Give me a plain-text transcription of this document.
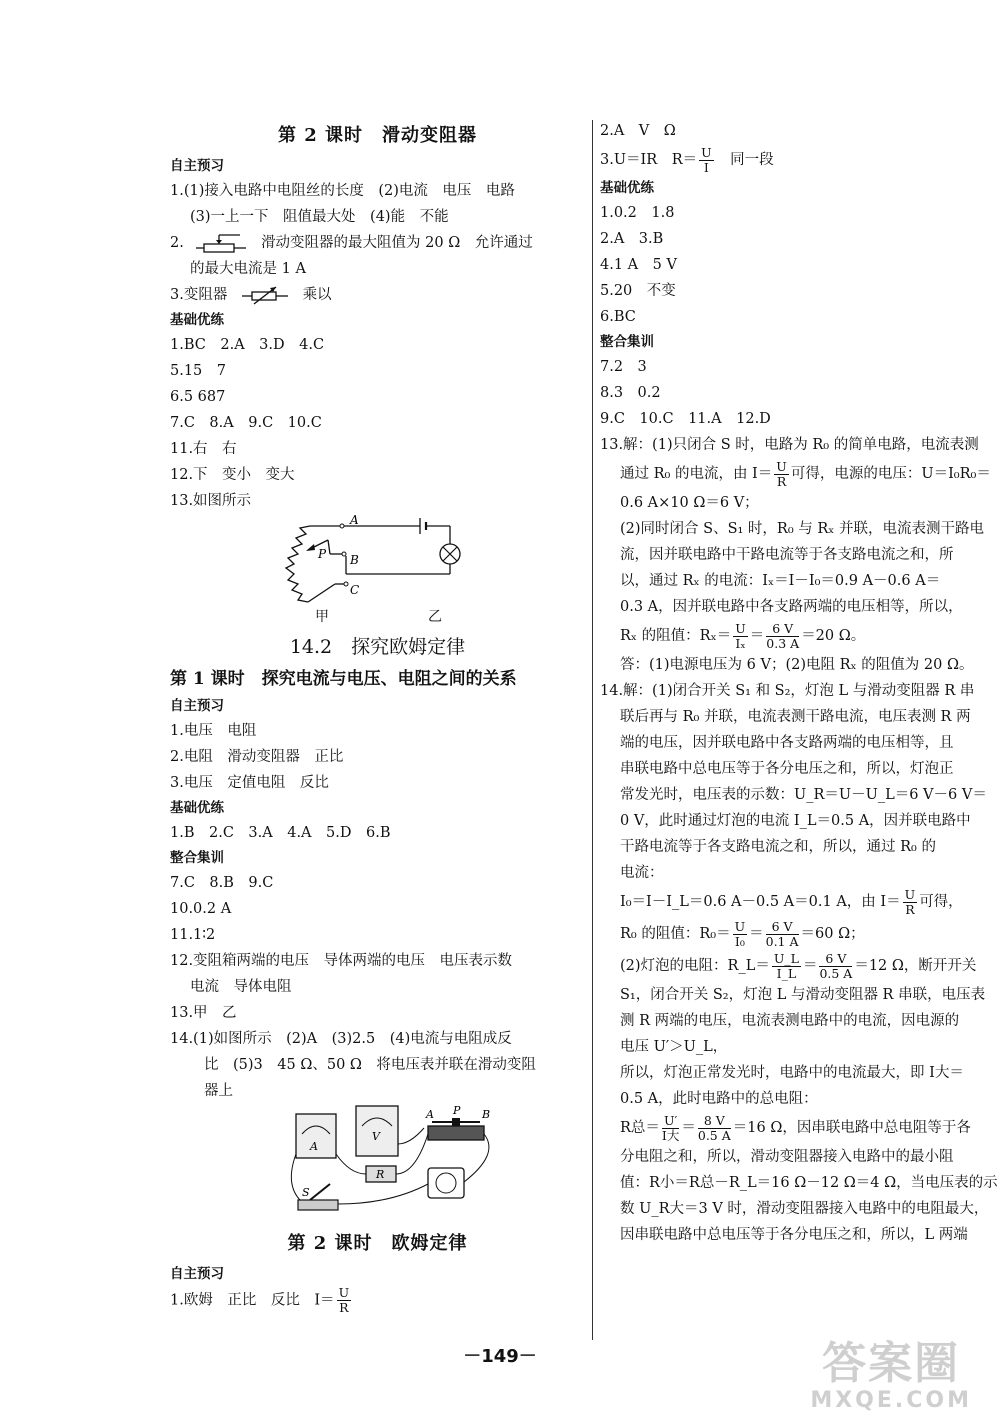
第 2 课时　滑动变阻器
自主预习
1.(1)接入电路中电阻丝的长度　(2)电流　电压　电路
(3)一上一下　阻值最大处　(4)能　不能
2.	滑动变阻器的最大阻值为 20 Ω　允许通过
的最大电流是 1 A
3.变阻器	乘以
基础优练
1.BC　2.A　3.D　4.C
5.15　7
6.5 687
7.C　8.A　9.C　10.C
11.右　右
12.下　变小　变大
13.如图所示
A
P B
C
甲	乙
14.2　探究欧姆定律
第 1 课时　探究电流与电压、电阻之间的关系
自主预习
1.电压　电阻
2.电阻　滑动变阻器　正比
3.电压　定值电阻　反比
基础优练
1.B　2.C　3.A　4.A　5.D　6.B
整合集训
7.C　8.B　9.C
10.0.2 A
11.1∶2
12.变阻箱两端的电压　导体两端的电压　电压表示数
电流　导体电阻
13.甲　乙
14.(1)如图所示　(2)A　(3)2.5　(4)电流与电阻成反
比　(5)3　45 Ω、50 Ω　将电压表并联在滑动变阻
器上
A
V
R
A P B
S
第 2 课时　欧姆定律
自主预习
1.欧姆　正比　反比　$I= \frac{U}{R}$
2.A　V　Ω
3.U＝IR　$R= \frac{U}{I}$
　 同一段
基础优练
1.0.2　1.8
2.A　3.B
4.1 A　5 V
5.20　不变
6.BC
整合集训
7.2　3
8.3　0.2
9.C　10.C　11.A　12.D
13.解：(1)只闭合 S 时，电路为 R₀ 的简单电路，电流表测
通过 R₀ 的电流，由 $I= \frac{U}{R}$ 可得，电源的电压：U＝I₀R₀＝
0.6 A×10 Ω＝6 V；
(2)同时闭合 S、S₁ 时，R₀ 与 Rₓ 并联，电流表测干路电
流，因并联电路中干路电流等于各支路电流之和，所
以，通过 Rₓ 的电流：Iₓ＝I－I₀＝0.9 A－0.6 A＝
0.3 A，因并联电路中各支路两端的电压相等，所以，
Rₓ 的阻值：$R_x= \frac{U}{\text{Iₓ}} = \frac{6 V}{0.3 A} =20$ Ω。
答：(1)电源电压为 6 V；(2)电阻 Rₓ 的阻值为 20 Ω。
14.解：(1)闭合开关 S₁ 和 S₂，灯泡 L 与滑动变阻器 R 串
联后再与 R₀ 并联，电流表测干路电流，电压表测 R 两
端的电压，因并联电路中各支路两端的电压相等，且
串联电路中总电压等于各分电压之和，所以，灯泡正
常发光时，电压表的示数：U_R＝U－U_L＝6 V－6 V＝
0 V，此时通过灯泡的电流 I_L＝0.5 A，因并联电路中
干路电流等于各支路电流之和，所以，通过 R₀ 的
电流：
I₀＝I－I_L＝0.6 A－0.5 A＝0.1 A，由 $I= \frac{U}{R}$ 可得，
R₀ 的阻值：$R_0= \frac{U}{\text{I₀}} = \frac{6 V}{0.1 A} =60$ Ω；
(2)灯泡的电阻：R_L＝ $\frac{U\_L}{I\_L} = \frac{6 V}{0.5 A} =12$ Ω，断开开关
S₁，闭合开关 S₂，灯泡 L 与滑动变阻器 R 串联，电压表
测 R 两端的电压，电流表测电路中的电流，因电源的
电压 U′＞U_L，
所以，灯泡正常发光时，电路中的电流最大，即 I大＝
0.5 A，此时电路中的总电阻：
R总＝ $\frac{U'}{\text{I大}} = \frac{8 V}{0.5 A} =16$ Ω，因串联电路中总电阻等于各
分电阻之和，所以，滑动变阻器接入电路中的最小阻
值：R小＝R总－R_L＝16 Ω－12 Ω＝4 Ω，当电压表的示
数 U_R大＝3 V 时，滑动变阻器接入电路中的电阻最大，
因串联电路中总电压等于各分电压之和，所以，L 两端
－149－	答案圈
MXQE.COM
